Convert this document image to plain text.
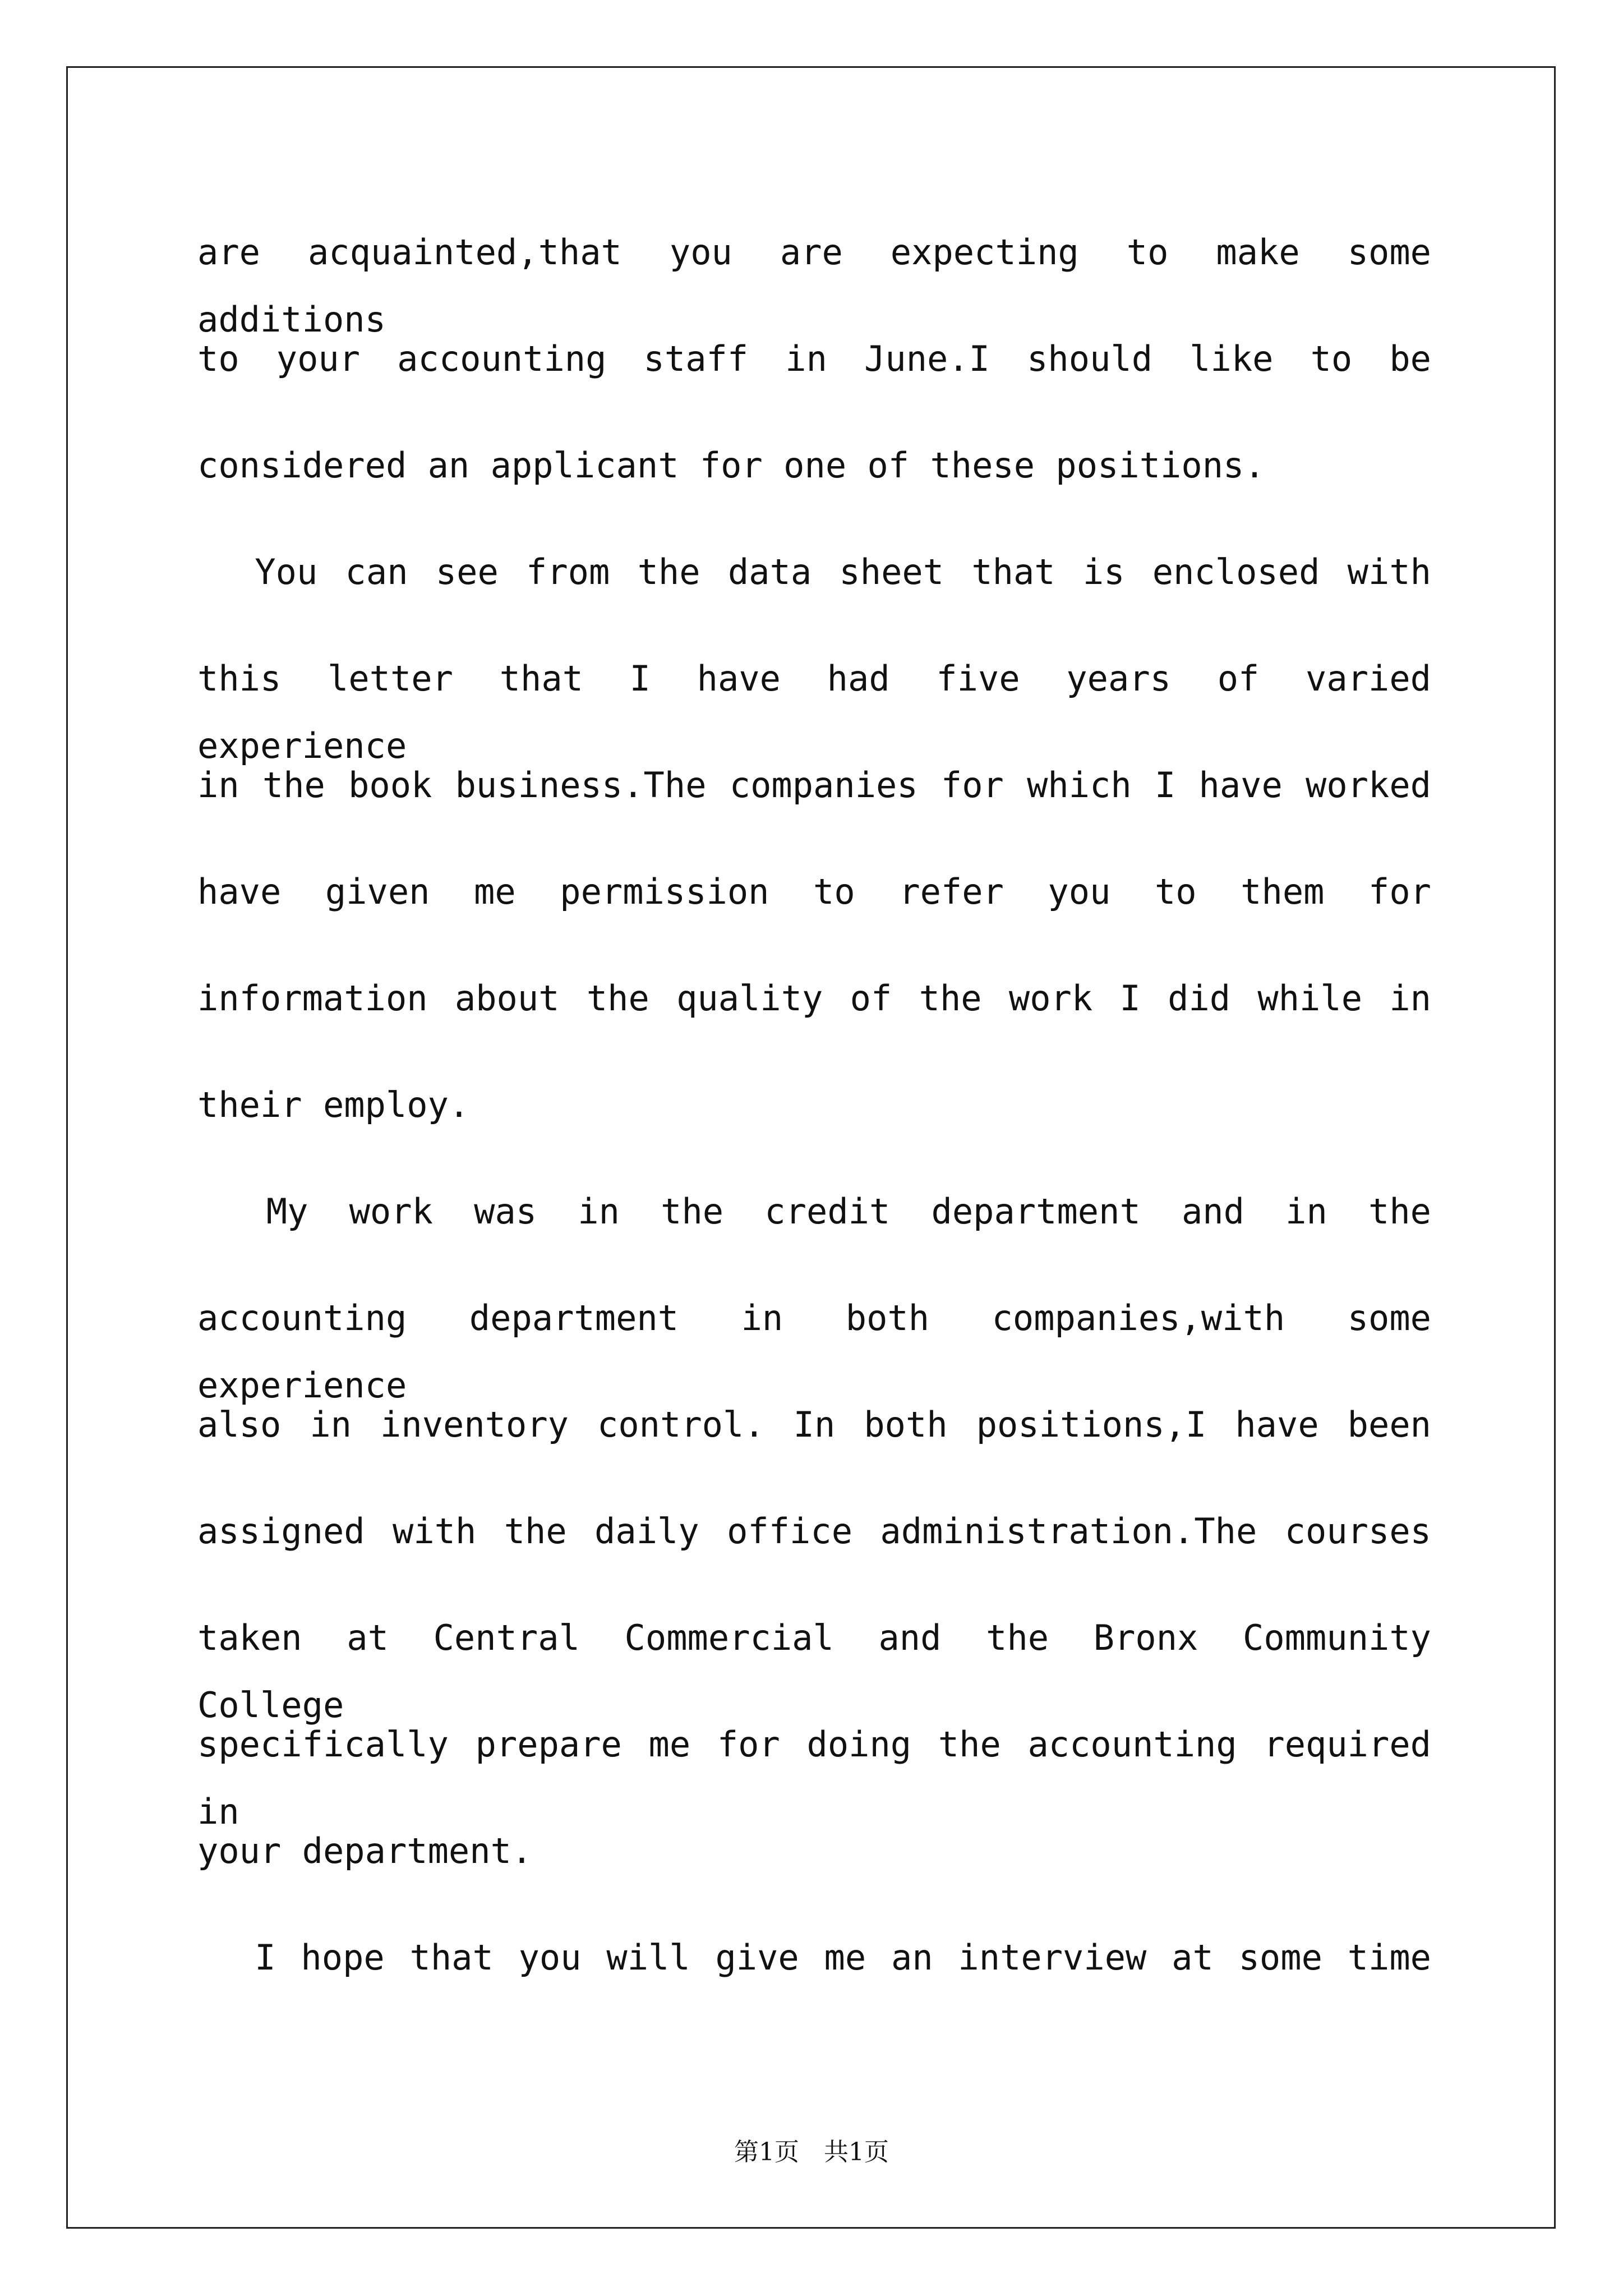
are acquainted,that you are expecting to make some additions
to your accounting staff in June.I should like to be
considered an applicant for one of these positions.
You can see from the data sheet that is enclosed with
this letter that I have had five years of varied experience
in the book business.The companies for which I have worked
have given me permission to refer you to them for
information about the quality of the work I did while in
their employ.
My work was in the credit department and in the
accounting department in both companies,with some experience
also in inventory control. In both positions,I have been
assigned with the daily office administration.The courses
taken at Central Commercial and the Bronx Community College
specifically prepare me for doing the accounting required in
your department.
I hope that you will give me an interview at some time
第1页　共1页
